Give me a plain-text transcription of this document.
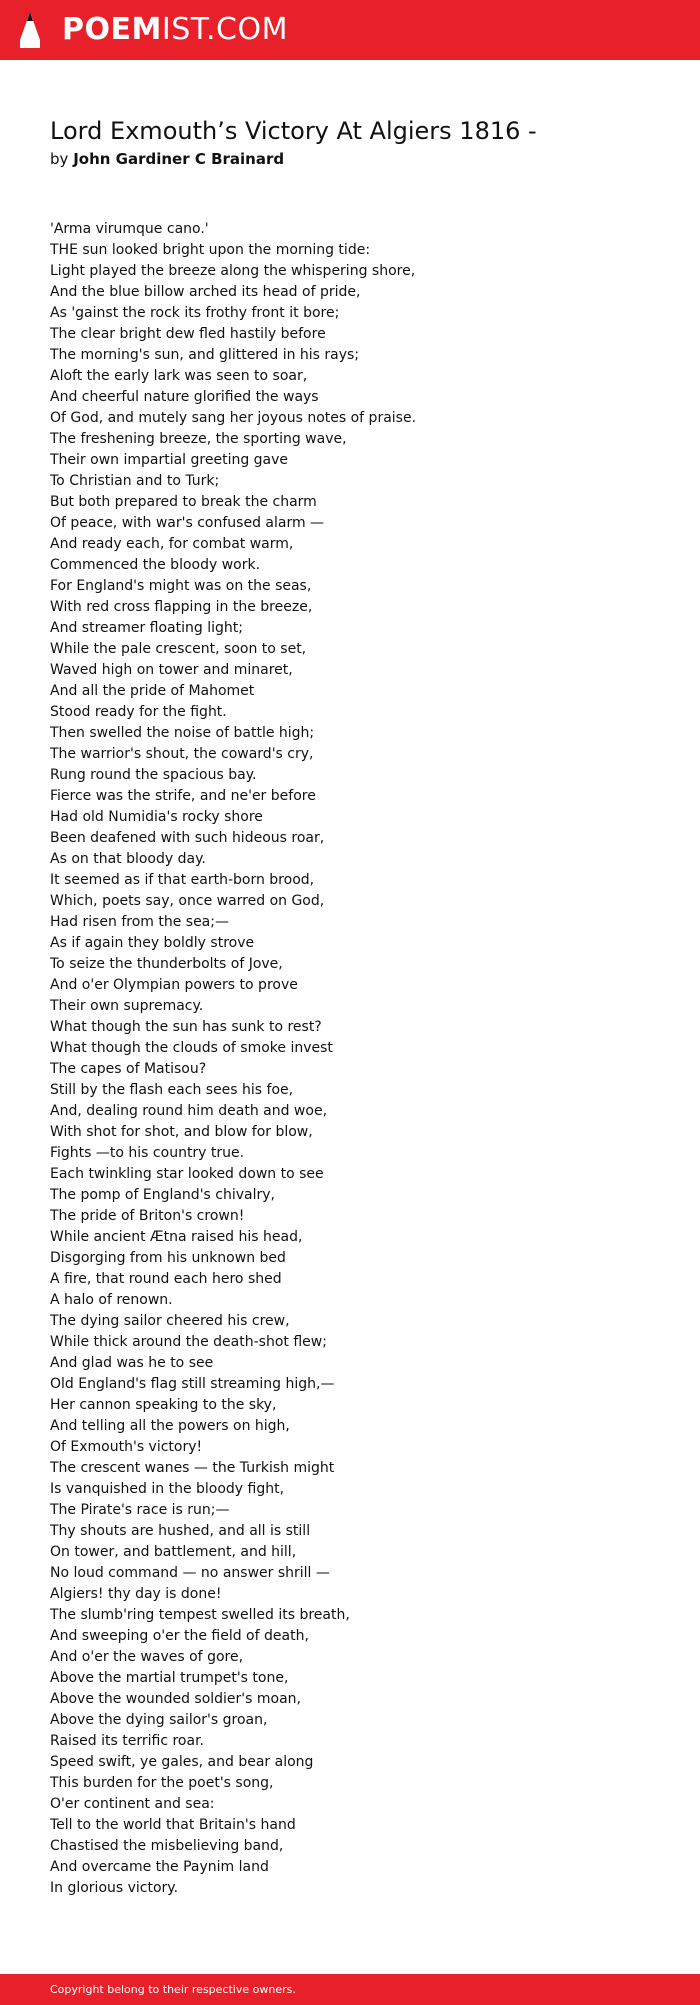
POEMIST.COM
Lord Exmouth’s Victory At Algiers 1816 -
by John Gardiner C Brainard
'Arma virumque cano.'
THE sun looked bright upon the morning tide:
Light played the breeze along the whispering shore,
And the blue billow arched its head of pride,
As 'gainst the rock its frothy front it bore;
The clear bright dew fled hastily before
The morning's sun, and glittered in his rays;
Aloft the early lark was seen to soar,
And cheerful nature glorified the ways
Of God, and mutely sang her joyous notes of praise.
The freshening breeze, the sporting wave,
Their own impartial greeting gave
To Christian and to Turk;
But both prepared to break the charm
Of peace, with war's confused alarm —
And ready each, for combat warm,
Commenced the bloody work.
For England's might was on the seas,
With red cross flapping in the breeze,
And streamer floating light;
While the pale crescent, soon to set,
Waved high on tower and minaret,
And all the pride of Mahomet
Stood ready for the fight.
Then swelled the noise of battle high;
The warrior's shout, the coward's cry,
Rung round the spacious bay.
Fierce was the strife, and ne'er before
Had old Numidia's rocky shore
Been deafened with such hideous roar,
As on that bloody day.
It seemed as if that earth-born brood,
Which, poets say, once warred on God,
Had risen from the sea;—
As if again they boldly strove
To seize the thunderbolts of Jove,
And o'er Olympian powers to prove
Their own supremacy.
What though the sun has sunk to rest?
What though the clouds of smoke invest
The capes of Matisou?
Still by the flash each sees his foe,
And, dealing round him death and woe,
With shot for shot, and blow for blow,
Fights —to his country true.
Each twinkling star looked down to see
The pomp of England's chivalry,
The pride of Briton's crown!
While ancient Ætna raised his head,
Disgorging from his unknown bed
A fire, that round each hero shed
A halo of renown.
The dying sailor cheered his crew,
While thick around the death-shot flew;
And glad was he to see
Old England's flag still streaming high,—
Her cannon speaking to the sky,
And telling all the powers on high,
Of Exmouth's victory!
The crescent wanes — the Turkish might
Is vanquished in the bloody fight,
The Pirate's race is run;—
Thy shouts are hushed, and all is still
On tower, and battlement, and hill,
No loud command — no answer shrill —
Algiers! thy day is done!
The slumb'ring tempest swelled its breath,
And sweeping o'er the field of death,
And o'er the waves of gore,
Above the martial trumpet's tone,
Above the wounded soldier's moan,
Above the dying sailor's groan,
Raised its terrific roar.
Speed swift, ye gales, and bear along
This burden for the poet's song,
O'er continent and sea:
Tell to the world that Britain's hand
Chastised the misbelieving band,
And overcame the Paynim land
In glorious victory.
Copyright belong to their respective owners.
